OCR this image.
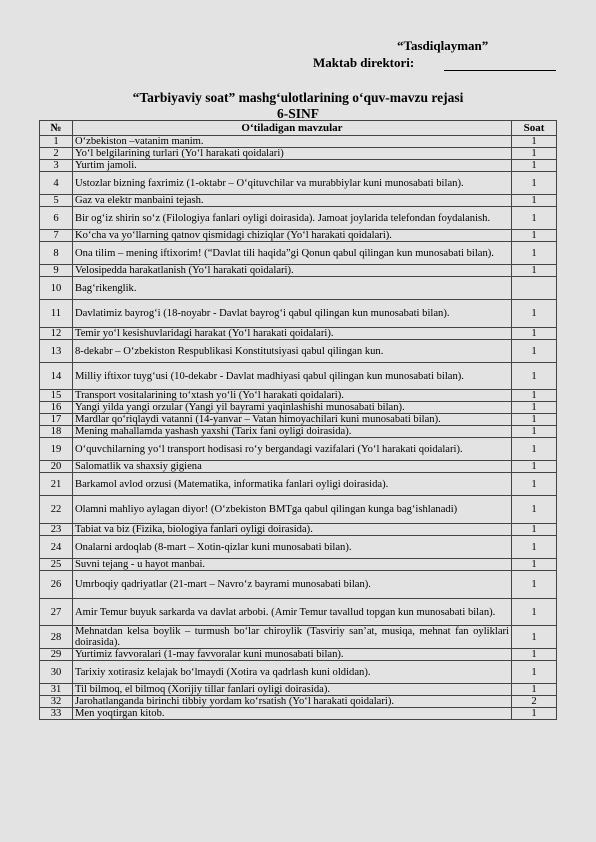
“Tasdiqlayman”
Maktab direktori:
“Tarbiyaviy soat” mashg‘ulotlarining o‘quv-mavzu rejasi
6-SINF
№	O‘tiladigan mavzular	Soat
1	O‘zbekiston –vatanim manim.	1
2	Yo‘l belgilarining turlari (Yo‘l harakati qoidalari)	1
3	Yurtim jamoli.	1
4	Ustozlar bizning faxrimiz (1-oktabr – O‘qituvchilar va murabbiylar kuni munosabati bilan).	1
5	Gaz va elektr manbaini tejash.	1
6	Bir og‘iz shirin so‘z (Filologiya fanlari oyligi doirasida). Jamoat joylarida telefondan foydalanish.	1
7	Ko‘cha va yo‘llarning qatnov qismidagi chiziqlar (Yo‘l harakati qoidalari).	1
8	Ona tilim – mening iftixorim! (“Davlat tili haqida”gi Qonun qabul qilingan kun munosabati bilan).	1
9	Velosipedda harakatlanish (Yo‘l harakati qoidalari).	1
10	Bag‘rikenglik.	
11	Davlatimiz bayrog‘i (18-noyabr - Davlat bayrog‘i qabul qilingan kun munosabati bilan).	1
12	Temir yo‘l kesishuvlaridagi harakat (Yo‘l harakati qoidalari).	1
13	8-dekabr – O‘zbekiston Respublikasi Konstitutsiyasi qabul qilingan kun.	1
14	Milliy iftixor tuyg‘usi (10-dekabr - Davlat madhiyasi qabul qilingan kun munosabati bilan).	1
15	Transport vositalarining to‘xtash yo‘li (Yo‘l harakati qoidalari).	1
16	Yangi yilda yangi orzular (Yangi yil bayrami yaqinlashishi munosabati bilan).	1
17	Mardlar qo‘riqlaydi vatanni (14-yanvar – Vatan himoyachilari kuni munosabati bilan).	1
18	Mening mahallamda yashash yaxshi (Tarix fani oyligi doirasida).	1
19	O‘quvchilarning yo‘l transport hodisasi ro‘y bergandagi vazifalari (Yo‘l harakati qoidalari).	1
20	Salomatlik va shaxsiy gigiena	1
21	Barkamol avlod orzusi (Matematika, informatika fanlari oyligi doirasida).	1
22	Olamni mahliyo aylagan diyor! (O‘zbekiston BMTga qabul qilingan kunga bag‘ishlanadi)	1
23	Tabiat va biz (Fizika, biologiya fanlari oyligi doirasida).	1
24	Onalarni ardoqlab (8-mart – Xotin-qizlar kuni munosabati bilan).	1
25	Suvni tejang - u hayot manbai.	1
26	Umrboqiy qadriyatlar (21-mart – Navro‘z bayrami munosabati bilan).	1
27	Amir Temur buyuk sarkarda va davlat arbobi. (Amir Temur tavallud topgan kun munosabati bilan).	1
28	Mehnatdan kelsa boylik – turmush bo‘lar chiroylik (Tasviriy san’at, musiqa, mehnat fan oyliklari doirasida).	1
29	Yurtimiz favvoralari (1-may favvoralar kuni munosabati bilan).	1
30	Tarixiy xotirasiz kelajak bo‘lmaydi (Xotira va qadrlash kuni oldidan).	1
31	Til bilmoq, el bilmoq (Xorijiy tillar fanlari oyligi doirasida).	1
32	Jarohatlanganda birinchi tibbiy yordam ko‘rsatish (Yo‘l harakati qoidalari).	2
33	Men yoqtirgan kitob.	1
